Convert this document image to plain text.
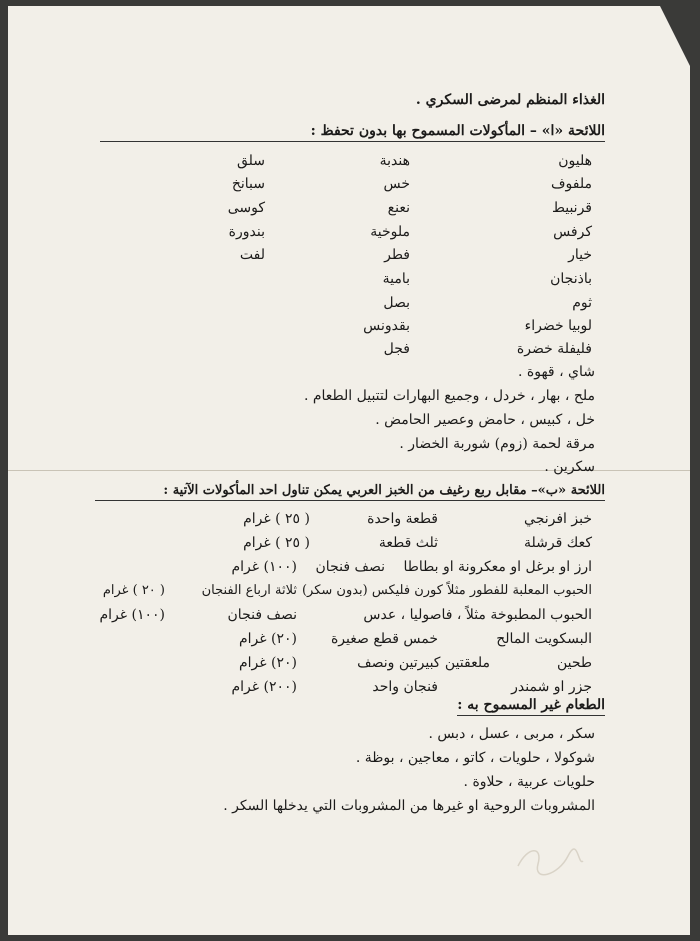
الغذاء المنظم لمرضى السكري .
اللائحة «ا» – المأكولات المسموح بها بدون تحفظ :
هليون
هندبة
سلق
ملفوف
خس
سبانخ
قرنبيط
نعنع
كوسى
كرفس
ملوخية
بندورة
خيار
فطر
لفت
باذنجان
بامية
ثوم
بصل
لوبيا خضراء
بقدونس
فليفلة خضرة
فجل
شاي ، قهوة .
ملح ، بهار ، خردل ، وجميع البهارات لتتبيل الطعام .
خل ، كبيس ، حامض وعصير الحامض .
مرقة لحمة (زوم) شوربة الخضار .
سكرين .
اللائحة «ب»– مقابل ربع رغيف من الخبز العربي يمكن تناول احد المأكولات الآتية :
خبز افرنجي
قطعة واحدة
( ٢٥ ) غرام
كعك قرشلة
ثلث قطعة
( ٢٥ ) غرام
ارز او برغل او معكرونة او بطاطا
نصف فنجان
(١٠٠) غرام
الحبوب المعلبة للفطور مثلاً كورن فليكس (بدون سكر)
ثلاثة ارباع الفنجان
( ٢٠ ) غرام
الحبوب المطبوخة مثلاً ، فاصوليا ، عدس
نصف فنجان
(١٠٠) غرام
البسكويت المالح
خمس قطع صغيرة
(٢٠) غرام
طحين
ملعقتين كبيرتين ونصف
(٢٠) غرام
جزر او شمندر
فنجان واحد
(٢٠٠) غرام
الطعام غير المسموح به :
سكر ، مربى ، عسل ، دبس .
شوكولا ، حلويات ، كاتو ، معاجين ، بوظة .
حلويات عربية ، حلاوة .
المشروبات الروحية او غيرها من المشروبات التي يدخلها السكر .
